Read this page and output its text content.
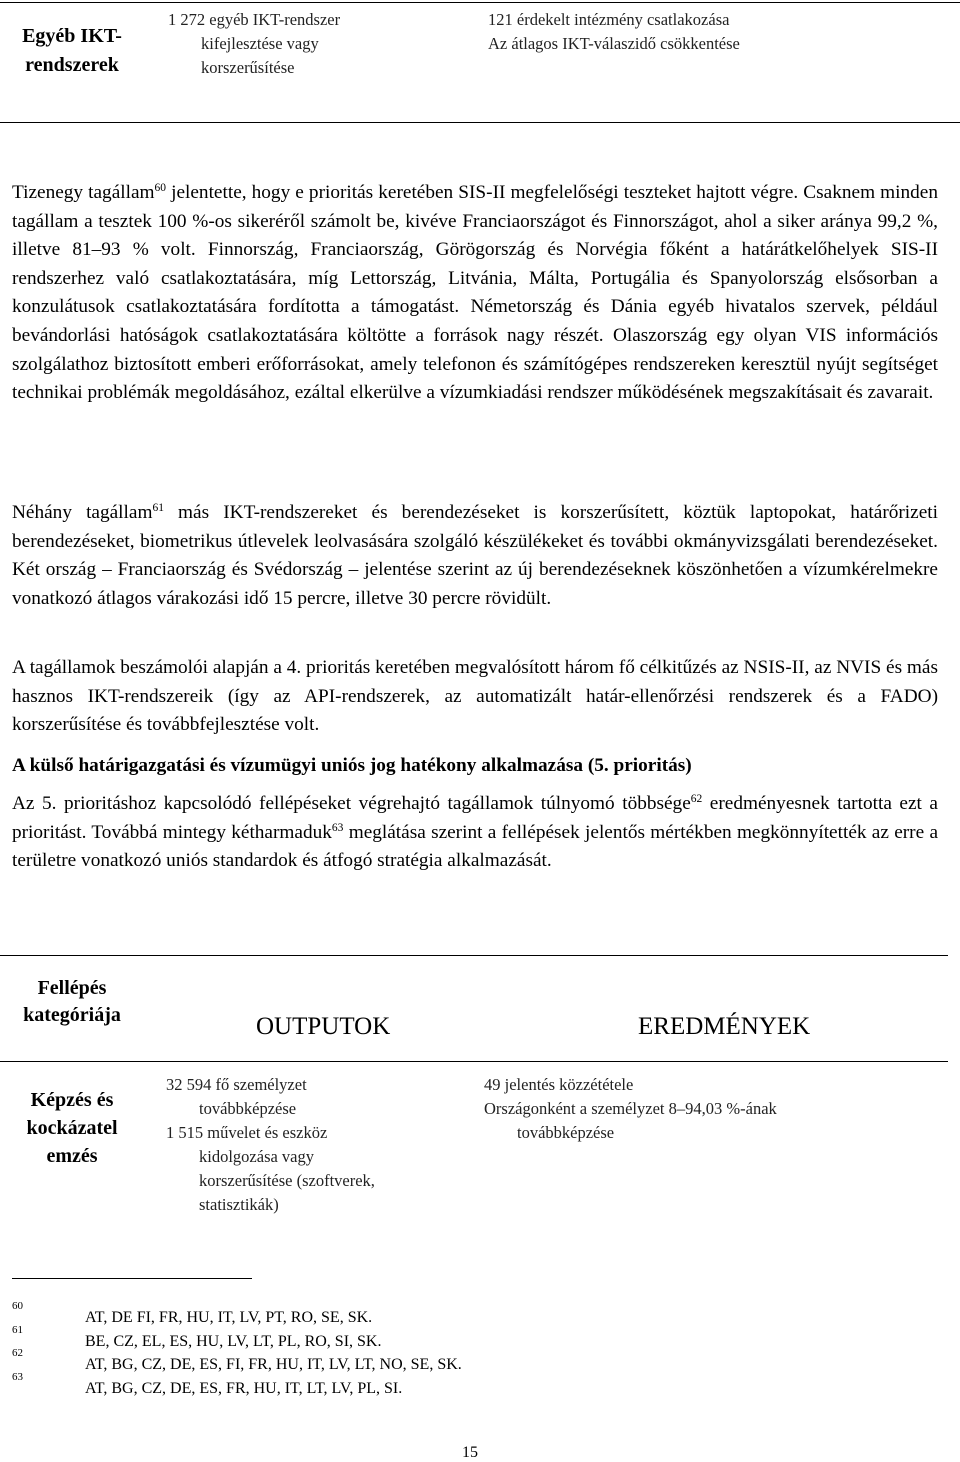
Egyéb IKT-rendszerek
1 272 egyéb IKT-rendszer
kifejlesztése vagy
korszerűsítése
121 érdekelt intézmény csatlakozása
Az átlagos IKT-válaszidő csökkentése

Tizenegy tagállam$^{60}$ jelentette, hogy e prioritás keretében SIS-II megfelelőségi teszteket hajtott végre. Csaknem minden tagállam a tesztek 100 %-os sikeréről számolt be, kivéve Franciaországot és Finnországot, ahol a siker aránya 99,2 %, illetve 81–93 % volt. Finnország, Franciaország, Görögország és Norvégia főként a határátkelőhelyek SIS-II rendszerhez való csatlakoztatására, míg Lettország, Litvánia, Málta, Portugália és Spanyolország elsősorban a konzulátusok csatlakoztatására fordította a támogatást. Németország és Dánia egyéb hivatalos szervek, például bevándorlási hatóságok csatlakoztatására költötte a források nagy részét. Olaszország egy olyan VIS információs szolgálathoz biztosított emberi erőforrásokat, amely telefonon és számítógépes rendszereken keresztül nyújt segítséget technikai problémák megoldásához, ezáltal elkerülve a vízumkiadási rendszer működésének megszakításait és zavarait.

Néhány tagállam$^{61}$ más IKT-rendszereket és berendezéseket is korszerűsített, köztük laptopokat, határőrizeti berendezéseket, biometrikus útlevelek leolvasására szolgáló készülékeket és további okmányvizsgálati berendezéseket. Két ország – Franciaország és Svédország – jelentése szerint az új berendezéseknek köszönhetően a vízumkérelmekre vonatkozó átlagos várakozási idő 15 percre, illetve 30 percre rövidült.

A tagállamok beszámolói alapján a 4. prioritás keretében megvalósított három fő célkitűzés az NSIS-II, az NVIS és más hasznos IKT-rendszereik (így az API-rendszerek, az automatizált határ-ellenőrzési rendszerek és a FADO) korszerűsítése és továbbfejlesztése volt.

A külső határigazgatási és vízumügyi uniós jog hatékony alkalmazása (5. prioritás)

Az 5. prioritáshoz kapcsolódó fellépéseket végrehajtó tagállamok túlnyomó többsége$^{62}$ eredményesnek tartotta ezt a prioritást. Továbbá mintegy kétharmaduk$^{63}$ meglátása szerint a fellépések jelentős mértékben megkönnyítették az erre a területre vonatkozó uniós standardok és átfogó stratégia alkalmazását.

Fellépés kategóriája	OUTPUTOK	EREDMÉNYEK
Képzés és kockázatel emzés
32 594 fő személyzet
továbbképzése
1 515 művelet és eszköz
kidolgozása vagy
korszerűsítése (szoftverek,
statisztikák)
49 jelentés közzététele
Országonként a személyzet 8–94,03 %-ának
továbbképzése
60
AT, DE FI, FR, HU, IT, LV, PT, RO, SE, SK.
61
BE, CZ, EL, ES, HU, LV, LT, PL, RO, SI, SK.
62
AT, BG, CZ, DE, ES, FI, FR, HU, IT, LV, LT, NO, SE, SK.
63
AT, BG, CZ, DE, ES, FR, HU, IT, LT, LV, PL, SI.
15
